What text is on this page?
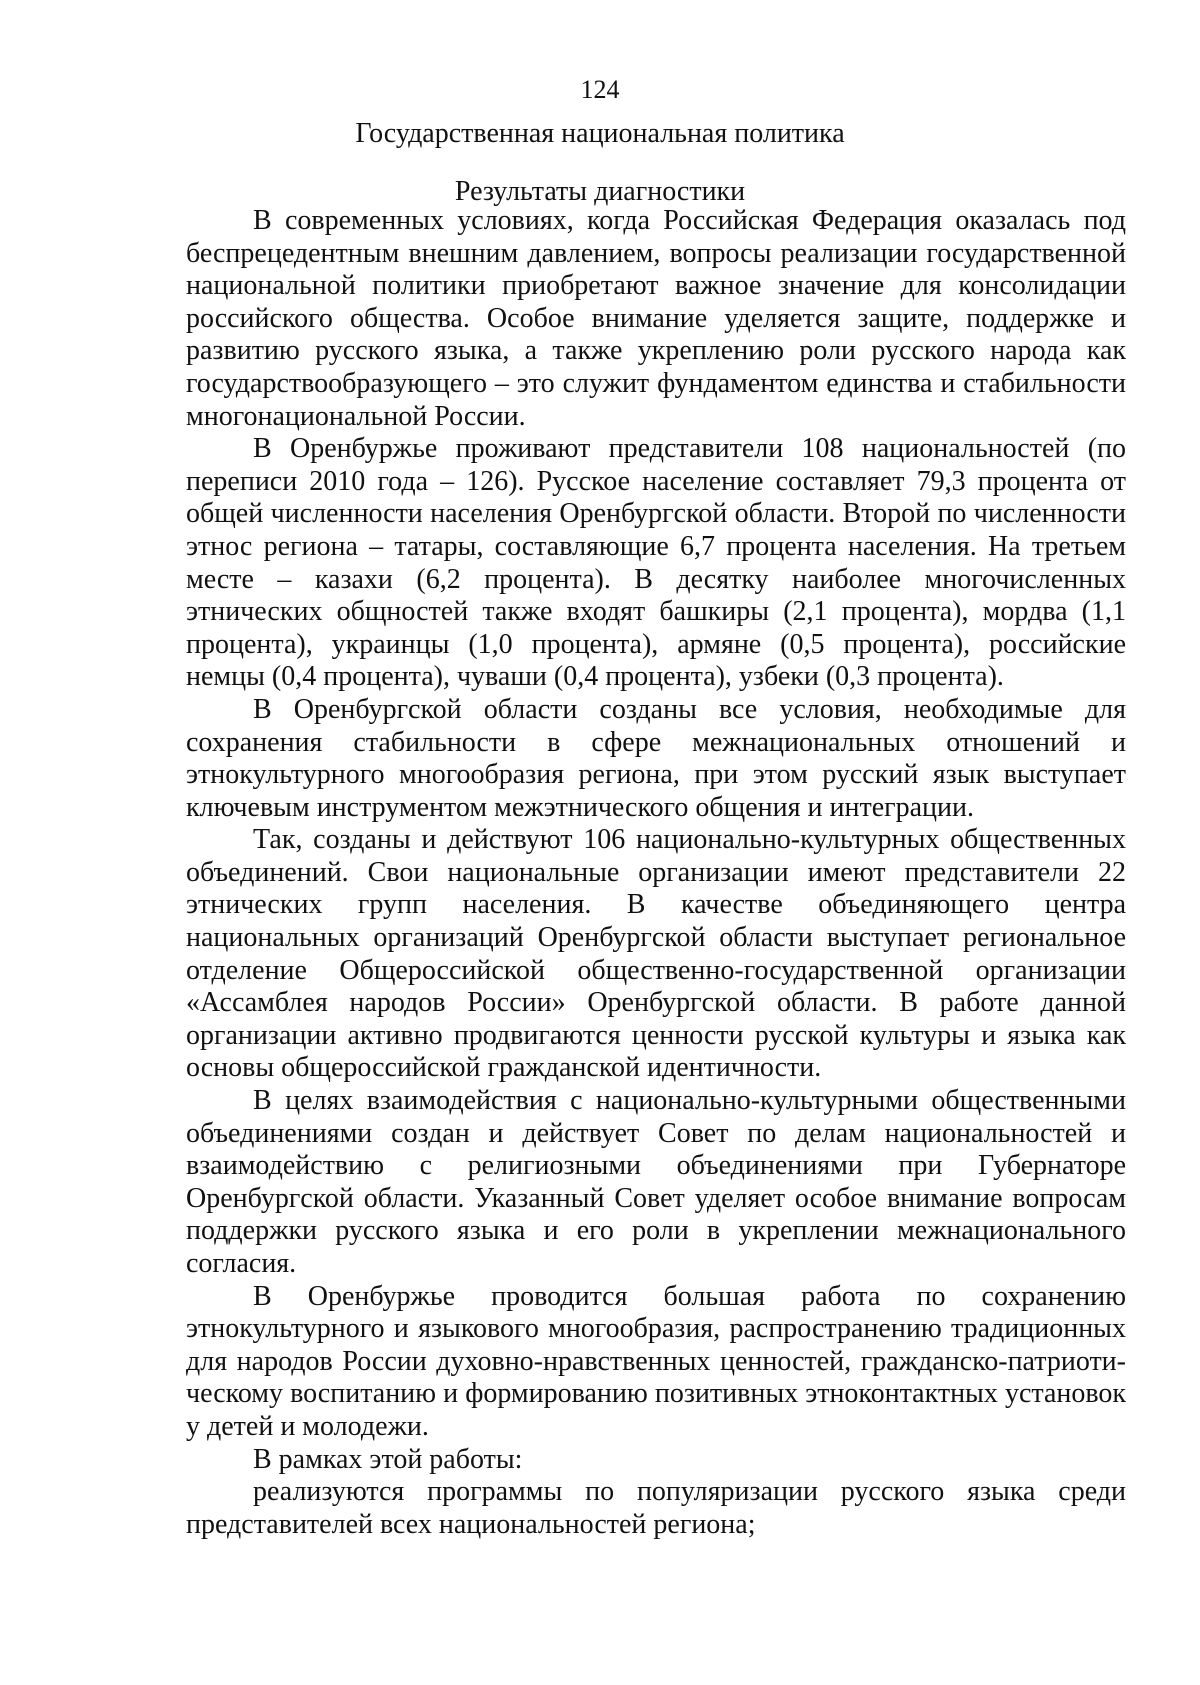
124
Государственная национальная политика
Результаты диагностики

В современных условиях, когда Российская Федерация оказалась под беспрецедентным внешним давлением, вопросы реализации государственной национальной политики приобретают важное значение для консолидации российского общества. Особое внимание уделяется защите, поддержке и развитию русского языка, а также укреплению роли русского народа как государствообразующего – это служит фундаментом единства и стабильности многонациональной России.

В Оренбуржье проживают представители 108 национальностей (по переписи 2010 года – 126). Русское население составляет 79,3 процента от общей численности населения Оренбургской области. Второй по численности этнос региона – татары, составляющие 6,7 процента населения. На третьем месте – казахи (6,2 процента). В десятку наиболее многочисленных этнических общностей также входят башкиры (2,1 процента), мордва (1,1 процента), украинцы (1,0 процента), армяне (0,5 процента), российские немцы (0,4 процента), чуваши (0,4 процента), узбеки (0,3 процента).

В Оренбургской области созданы все условия, необходимые для сохранения стабильности в сфере межнациональных отношений и этнокультурного многообразия региона, при этом русский язык выступает ключевым инструментом межэтнического общения и интеграции.

Так, созданы и действуют 106 национально-культурных общественных объединений. Свои национальные организации имеют представители 22 этнических групп населения. В качестве объединяющего центра национальных организаций Оренбургской области выступает региональное отделение Общероссийской общественно-государственной организации «Ассамблея народов России» Оренбургской области. В работе данной организации активно продвигаются ценности русской культуры и языка как основы общероссийской гражданской идентичности.

В целях взаимодействия с национально-культурными общественными объединениями создан и действует Совет по делам национальностей и взаимодействию с религиозными объединениями при Губернаторе Оренбургской области. Указанный Совет уделяет особое внимание вопросам поддержки русского языка и его роли в укреплении межнационального согласия.

В Оренбуржье проводится большая работа по сохранению этнокультурного и языкового многообразия, распространению традиционных для народов России духовно-нравственных ценностей, гражданско-патриотическому воспитанию и формированию позитивных этноконтактных установок у детей и молодежи.

В рамках этой работы:

реализуются программы по популяризации русского языка среди представителей всех национальностей региона;
